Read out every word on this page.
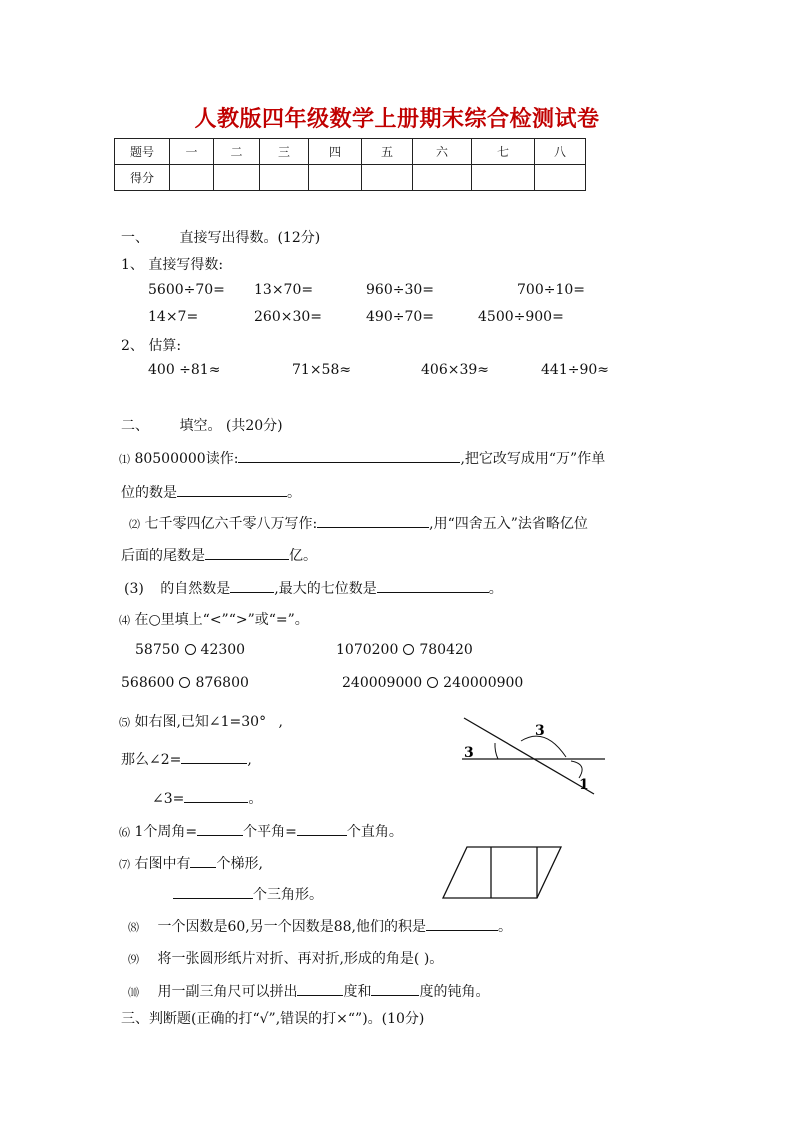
人教版四年级数学上册期末综合检测试卷
题号	一	二	三	四	五	六	七	八
得分								
一、 直接写出得数。(12分)
1、 直接写得数:
5600÷70= 13×70=	960÷30=	700÷10=
14×7=	260×30=	490÷70=	4500÷900=
2、 估算:
400 ÷81≈	71×58≈	406×39≈	441÷90≈
二、 填空。 (共20分)
⑴ 80500000读作:	,把它改写成用“万”作单
位的数是	。
⑵ 七千零四亿六千零八万写作:	,用“四舍五入”法省略亿位
后面的尾数是	亿。
(3) 的自然数是	,最大的七位数是	。
⑷ 在○里填上“<”“>”或“=”。
58750 42300	1070200 780420
568600 876800	240009000 240000900
⑸ 如右图,已知∠1=30° ,
那么∠2=	,
∠3=	。
3
3
1
⑹ 1个周角=	个平角=	个直角。
⑺ 右图中有 个梯形,
个三角形。
⑻ 一个因数是60,另一个因数是88,他们的积是	。
⑼ 将一张圆形纸片对折、再对折,形成的角是( )。
⑽ 用一副三角尺可以拼出	度和	度的钝角。
三、判断题(正确的打“√”,错误的打×“”)。(10分)
